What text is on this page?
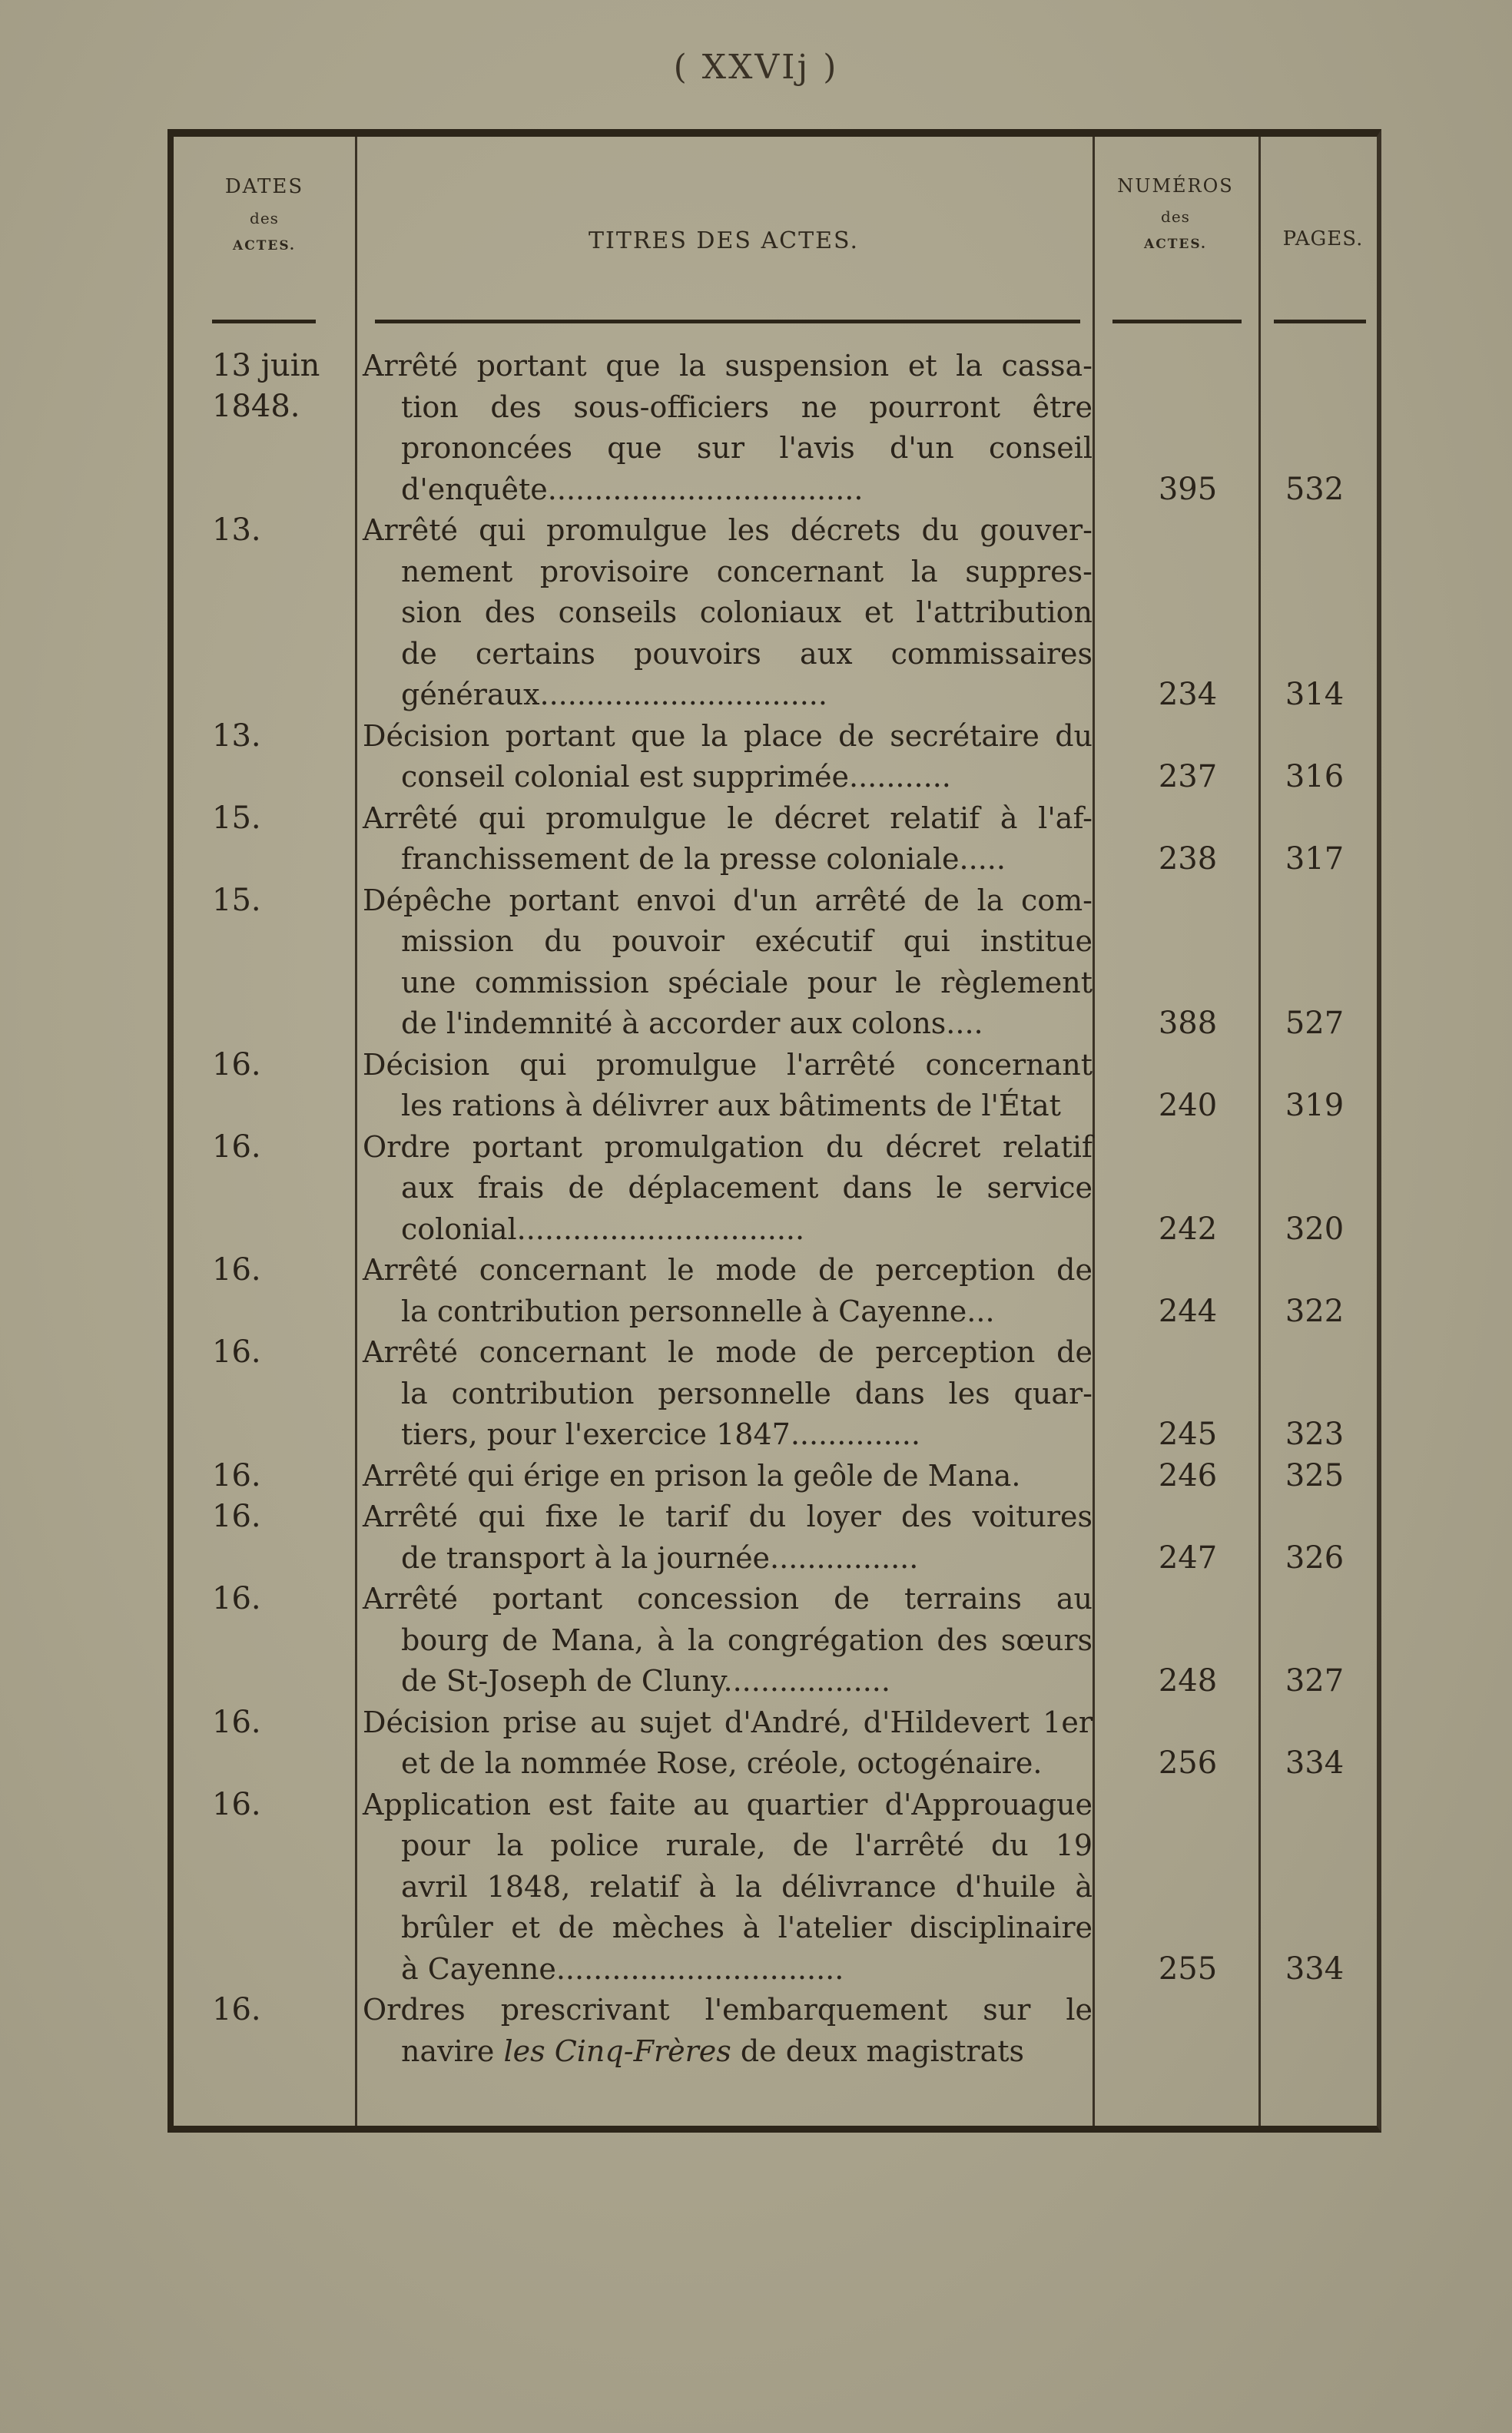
( XXVIj )
DATES
des
ACTES.	TITRES DES ACTES.
NUMÉROS
des
ACTES.	PAGES.
13 juin
1848.
Arrêté portant que la suspension et la cassa-
tion des sous-officiers ne pourront être
prononcées que sur l'avis d'un conseil
d'enquête..................................	395	532
13.	Arrêté qui promulgue les décrets du gouver-
nement provisoire concernant la suppres-
sion des conseils coloniaux et l'attribution
de certains pouvoirs aux commissaires
généraux...............................	234	314
13.	Décision portant que la place de secrétaire du
conseil colonial est supprimée...........	237	316
15.	Arrêté qui promulgue le décret relatif à l'af-
franchissement de la presse coloniale.....	238	317
15.	Dépêche portant envoi d'un arrêté de la com-
mission du pouvoir exécutif qui institue
une commission spéciale pour le règlement
de l'indemnité à accorder aux colons....	388	527
16.	Décision qui promulgue l'arrêté concernant
les rations à délivrer aux bâtiments de l'État	240	319
16.	Ordre portant promulgation du décret relatif
aux frais de déplacement dans le service
colonial...............................	242	320
16.	Arrêté concernant le mode de perception de
la contribution personnelle à Cayenne...	244	322
16.	Arrêté concernant le mode de perception de
la contribution personnelle dans les quar-
tiers, pour l'exercice 1847..............	245	323
16.	Arrêté qui érige en prison la geôle de Mana.	246	325
16.	Arrêté qui fixe le tarif du loyer des voitures
de transport à la journée................	247	326
16.	Arrêté portant concession de terrains au
bourg de Mana, à la congrégation des sœurs
de St-Joseph de Cluny..................	248	327
16.	Décision prise au sujet d'André, d'Hildevert 1er
et de la nommée Rose, créole, octogénaire.	256	334
16.	Application est faite au quartier d'Approuague
pour la police rurale, de l'arrêté du 19
avril 1848, relatif à la délivrance d'huile à
brûler et de mèches à l'atelier disciplinaire
à Cayenne...............................	255	334
16.	Ordres prescrivant l'embarquement sur le
navire les Cinq-Frères de deux magistrats
